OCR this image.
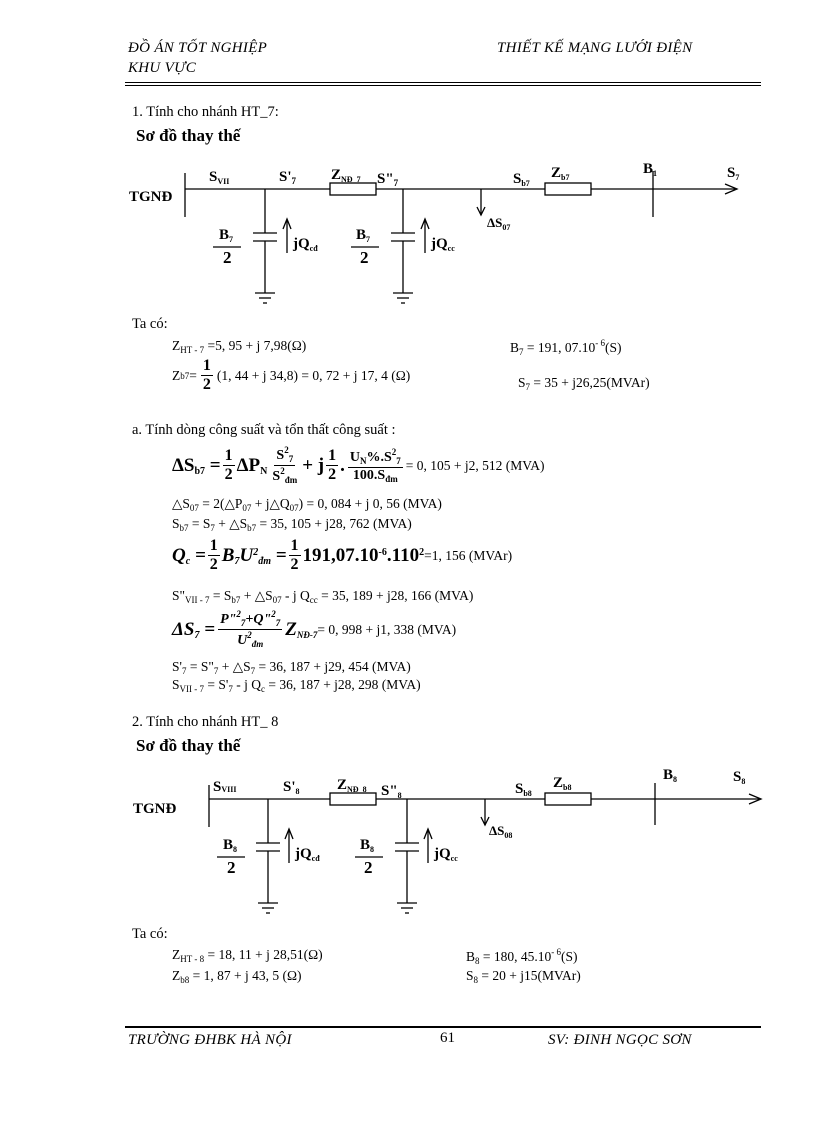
ĐỒ ÁN TỐT NGHIỆP
KHU VỰC
THIẾT KẾ MẠNG LƯỚI ĐIỆN
1. Tính cho nhánh HT_7:
Sơ đồ thay thế
TGNĐ
$S_{VII}$	$S'_7$ $Z_{NĐ\_7}$ $S"_7$	$S_{b7}$
$Z_{b7}$
$B_1$	$S_7$
$\Delta S_{07}$
$B_7$
2
$jQ_{cđ}$
$B_7$
2
$jQ_{cc}$
Ta có:
$Z_{HT - 7} =5$, 95 + j 7,98(Ω)	$B_7 = 191$, $07.10^{- 6}(S)$
Z $b7 = \frac{1}{2} (1$, 44 + j 34,8) = 0, 72 + j 17, 4 (Ω)	$S_7 = 35$ + j26,25(MVAr)
a. Tính dòng công suất và tổn thất công suất :
$\Delta S_{b7} = \frac{1}{2} \Delta P_N \frac{S^2_7}{S^2_{đm}} + j \frac{1}{2}$ . $\frac{U_N\%.S^2_7}{100.S_{đm}} = 0$, 105 + j2, 512 (MVA)
$\triangle S_{07}$ = $2(\triangle P_{07}$ + $j\triangle Q_{07}) = 0$, 084 + j 0, 56 (MVA)
$S_{b7} = S_7$ + $\triangle S_{b7} = 35$, 105 + j28, 762 (MVA)
$Q_c = \frac{1}{2} B_7U^2_{đm} = \frac{1}{2} 191,07.10^{-6}.110^2 =1$, 156 (MVAr)
$S"_{VII - 7} = S_{b7}$ + $\triangle S_{07}$ - j $Q_{cc} = 35$, 189 + j28, 166 (MVA)
$\Delta S_7 = \frac{P"^2_7+Q"^2_7}{U^2_{đm}} Z_{NĐ-7} = 0$, 998 + j1, 338 (MVA)
$S'_7$ = $S"_7$ + $\triangle S_7 = 36$, 187 + j29, 454 (MVA)
$S_{VII - 7} = S'_7 - j$ $Q_c = 36$, 187 + j28, 298 (MVA)
2. Tính cho nhánh HT_ 8
Sơ đồ thay thế
TGNĐ
SVIII	$S'_8$ $Z_{NĐ\_8}$ $S"_8$	$S_{b8}$
$Z_{b8}$
$B_8$	$S_8$
$\Delta S_{08}$
$B_8$
2
$jQ_{cđ}$
$B_8$
2
$jQ_{cc}$
Ta có:
$Z_{HT - 8} = 18$, 11 + j 28,51(Ω)	$B_8 = 180$, $45.10^{- 6}(S)$
$Z_{b8} = 1$, 87 + j 43, 5 (Ω)	$S_8 = 20$ + j15(MVAr)
TRƯỜNG ĐHBK HÀ NỘI	61	SV: ĐINH NGỌC SƠN
